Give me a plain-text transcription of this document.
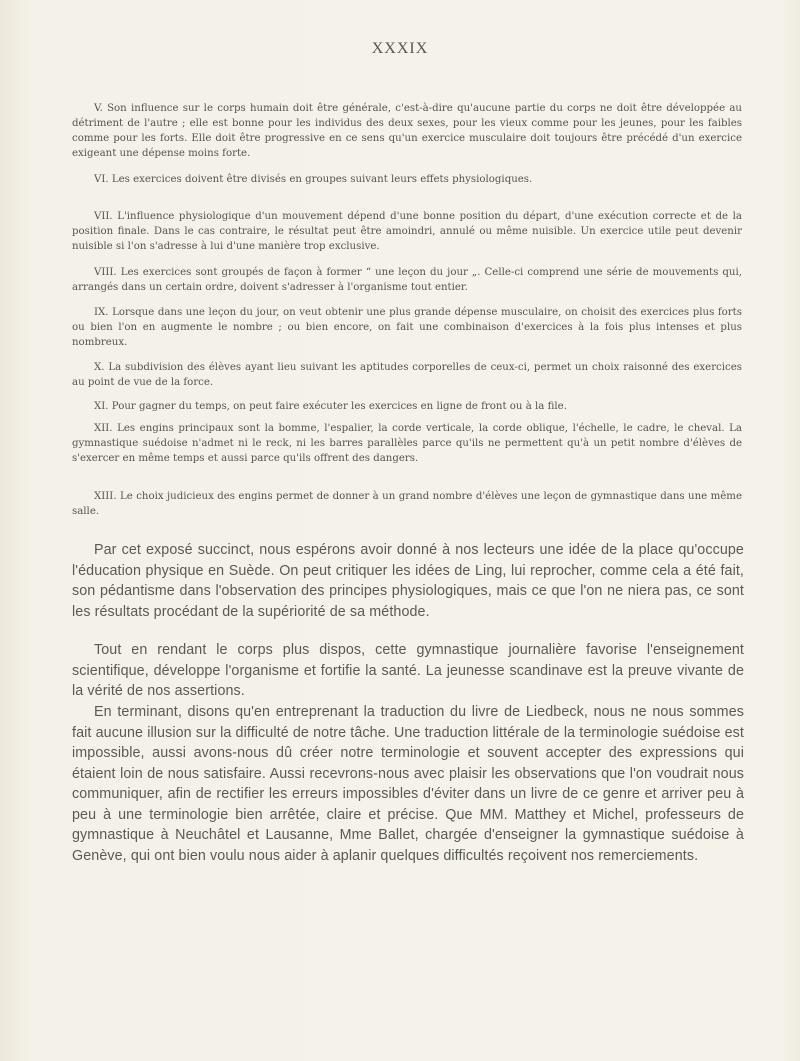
XXXIX

V. Son influence sur le corps humain doit être générale, c'est-à-dire qu'aucune partie du corps ne doit être développée au détriment de l'autre ; elle est bonne pour les individus des deux sexes, pour les vieux comme pour les jeunes, pour les faibles comme pour les forts. Elle doit être progressive en ce sens qu'un exercice musculaire doit toujours être précédé d'un exercice exigeant une dépense moins forte.

VI. Les exercices doivent être divisés en groupes suivant leurs effets physiologiques.

VII. L'influence physiologique d'un mouvement dépend d'une bonne position du départ, d'une exécution correcte et de la position finale. Dans le cas contraire, le résultat peut être amoindri, annulé ou même nuisible. Un exercice utile peut devenir nuisible si l'on s'adresse à lui d'une manière trop exclusive.

VIII. Les exercices sont groupés de façon à former “ une leçon du jour „. Celle-ci comprend une série de mouvements qui, arrangés dans un certain ordre, doivent s'adresser à l'organisme tout entier.

IX. Lorsque dans une leçon du jour, on veut obtenir une plus grande dépense musculaire, on choisit des exercices plus forts ou bien l'on en augmente le nombre ; ou bien encore, on fait une combinaison d'exercices à la fois plus intenses et plus nombreux.

X. La subdivision des élèves ayant lieu suivant les aptitudes corporelles de ceux-ci, permet un choix raisonné des exercices au point de vue de la force.

XI. Pour gagner du temps, on peut faire exécuter les exercices en ligne de front ou à la file.

XII. Les engins principaux sont la bomme, l'espalier, la corde verticale, la corde oblique, l'échelle, le cadre, le cheval. La gymnastique suédoise n'admet ni le reck, ni les barres parallèles parce qu'ils ne permettent qu'à un petit nombre d'élèves de s'exercer en même temps et aussi parce qu'ils offrent des dangers.

XIII. Le choix judicieux des engins permet de donner à un grand nombre d'élèves une leçon de gymnastique dans une même salle.

Par cet exposé succinct, nous espérons avoir donné à nos lecteurs une idée de la place qu'occupe l'éducation physique en Suède. On peut critiquer les idées de Ling, lui reprocher, comme cela a été fait, son pédantisme dans l'observation des principes physiologiques, mais ce que l'on ne niera pas, ce sont les résultats procédant de la supériorité de sa méthode.

Tout en rendant le corps plus dispos, cette gymnastique journalière favorise l'enseignement scientifique, développe l'organisme et fortifie la santé. La jeunesse scandinave est la preuve vivante de la vérité de nos assertions.

En terminant, disons qu'en entreprenant la traduction du livre de Liedbeck, nous ne nous sommes fait aucune illusion sur la difficulté de notre tâche. Une traduction littérale de la terminologie suédoise est impossible, aussi avons-nous dû créer notre terminologie et souvent accepter des expressions qui étaient loin de nous satisfaire. Aussi recevrons-nous avec plaisir les observations que l'on voudrait nous communiquer, afin de rectifier les erreurs impossibles d'éviter dans un livre de ce genre et arriver peu à peu à une terminologie bien arrêtée, claire et précise. Que MM. Matthey et Michel, professeurs de gymnastique à Neuchâtel et Lausanne, Mme Ballet, chargée d'enseigner la gymnastique suédoise à Genève, qui ont bien voulu nous aider à aplanir quelques difficultés reçoivent nos remerciements.
